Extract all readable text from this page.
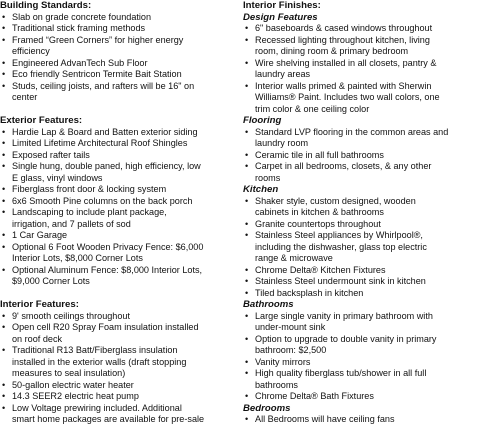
Building Standards:

• Slab on grade concrete foundation
• Traditional stick framing methods
• Framed “Green Corners” for higher energy
efficiency
• Engineered AdvanTech Sub Floor
• Eco friendly Sentricon Termite Bait Station
• Studs, ceiling joists, and rafters will be 16" on
center

Exterior Features:

• Hardie Lap & Board and Batten exterior siding
• Limited Lifetime Architectural Roof Shingles
• Exposed rafter tails
• Single hung, double paned, high efficiency, low
E glass, vinyl windows
• Fiberglass front door & locking system
• 6x6 Smooth Pine columns on the back porch
• Landscaping to include plant package,
irrigation, and 7 pallets of sod
• 1 Car Garage
• Optional 6 Foot Wooden Privacy Fence: $6,000
Interior Lots, $8,000 Corner Lots
• Optional Aluminum Fence: $8,000 Interior Lots,
$9,000 Corner Lots

Interior Features:

• 9' smooth ceilings throughout
• Open cell R20 Spray Foam insulation installed
on roof deck
• Traditional R13 Batt/Fiberglass insulation
installed in the exterior walls (draft stopping
measures to seal insulation)
• 50-gallon electric water heater
• 14.3 SEER2 electric heat pump
• Low Voltage prewiring included. Additional
smart home packages are available for pre-sale

Interior Finishes:

Design Features

• 6" baseboards & cased windows throughout
• Recessed lighting throughout kitchen, living
room, dining room & primary bedroom
• Wire shelving installed in all closets, pantry &
laundry areas
• Interior walls primed & painted with Sherwin
Williams® Paint. Includes two wall colors, one
trim color & one ceiling color

Flooring

• Standard LVP flooring in the common areas and
laundry room
• Ceramic tile in all full bathrooms
• Carpet in all bedrooms, closets, & any other
rooms

Kitchen

• Shaker style, custom designed, wooden
cabinets in kitchen & bathrooms
• Granite countertops throughout
• Stainless Steel appliances by Whirlpool®,
including the dishwasher, glass top electric
range & microwave
• Chrome Delta® Kitchen Fixtures
• Stainless Steel undermount sink in kitchen
• Tiled backsplash in kitchen

Bathrooms

• Large single vanity in primary bathroom with
under-mount sink
• Option to upgrade to double vanity in primary
bathroom: $2,500
• Vanity mirrors
• High quality fiberglass tub/shower in all full
bathrooms
• Chrome Delta® Bath Fixtures

Bedrooms

• All Bedrooms will have ceiling fans
